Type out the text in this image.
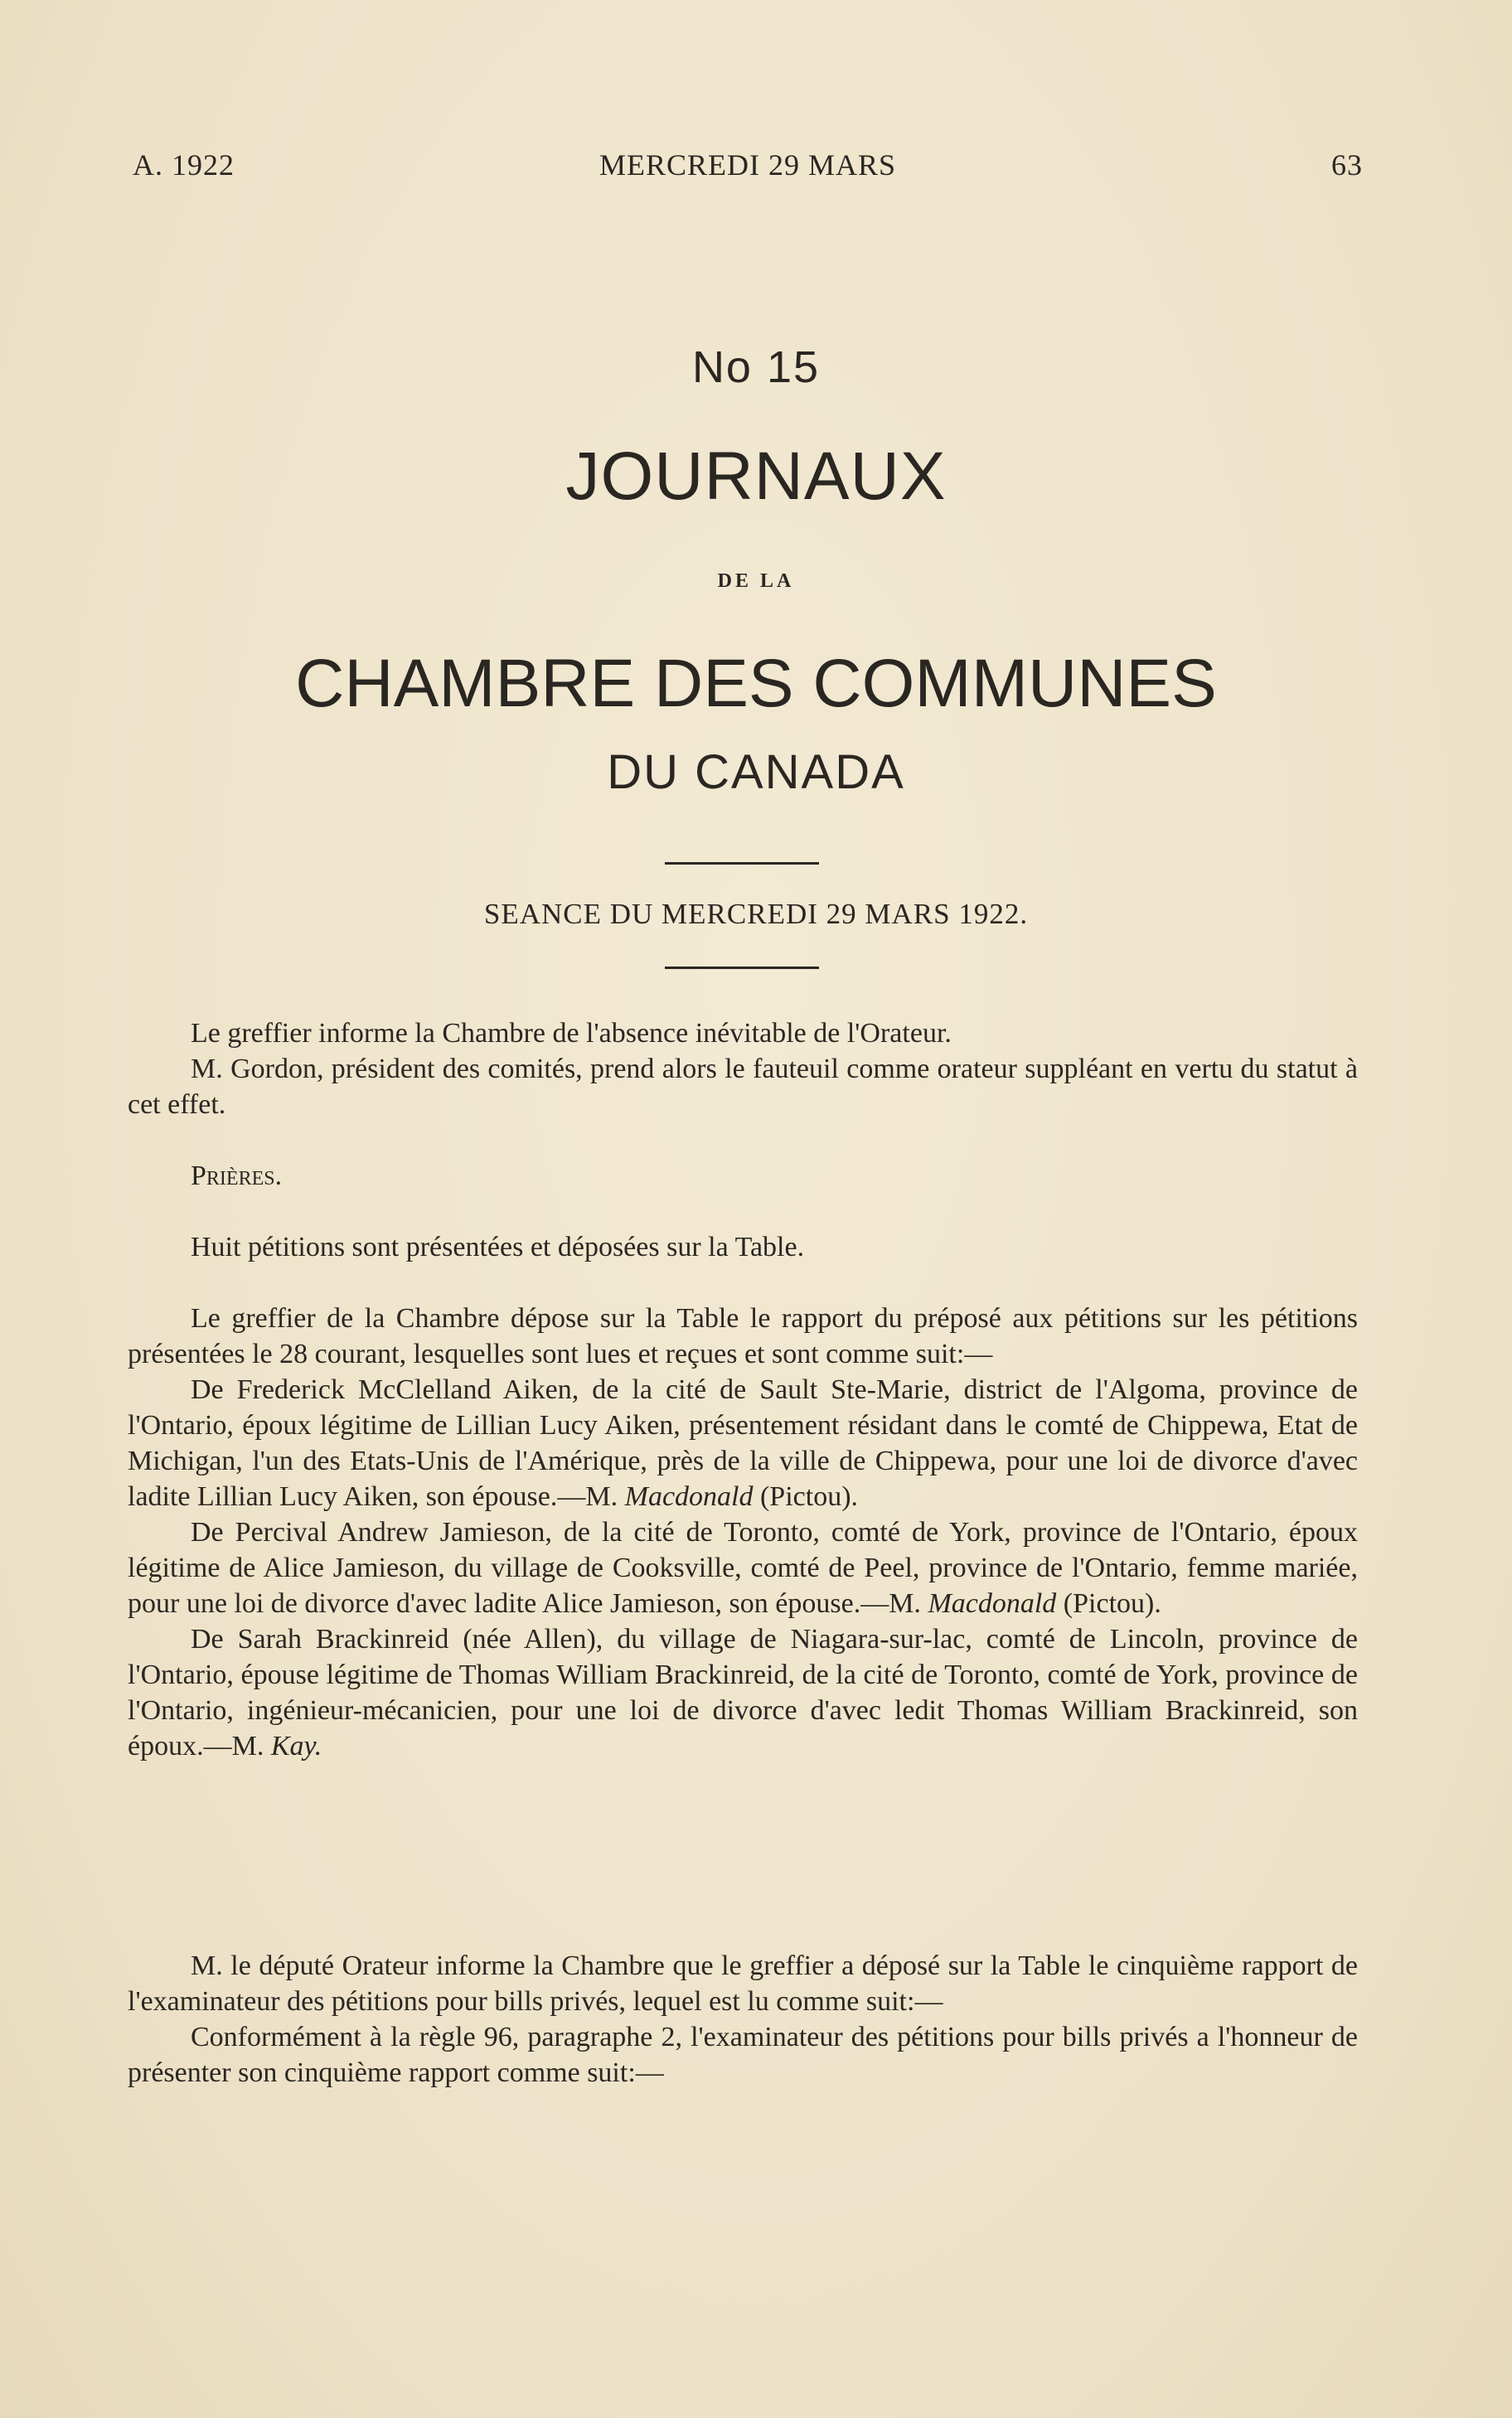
A. 1922	MERCREDI 29 MARS	63
No 15
JOURNAUX
DE LA
CHAMBRE DES COMMUNES
DU CANADA
SEANCE DU MERCREDI 29 MARS 1922.

Le greffier informe la Chambre de l'absence inévitable de l'Orateur.

M. Gordon, président des comités, prend alors le fauteuil comme orateur suppléant en vertu du statut à cet effet.

Prières.

Huit pétitions sont présentées et déposées sur la Table.

Le greffier de la Chambre dépose sur la Table le rapport du préposé aux pétitions sur les pétitions présentées le 28 courant, lesquelles sont lues et reçues et sont comme suit:—

De Frederick McClelland Aiken, de la cité de Sault Ste-Marie, district de l'Algoma, province de l'Ontario, époux légitime de Lillian Lucy Aiken, présentement résidant dans le comté de Chippewa, Etat de Michigan, l'un des Etats-Unis de l'Amérique, près de la ville de Chippewa, pour une loi de divorce d'avec ladite Lillian Lucy Aiken, son épouse.—M. Macdonald (Pictou).

De Percival Andrew Jamieson, de la cité de Toronto, comté de York, province de l'Ontario, époux légitime de Alice Jamieson, du village de Cooksville, comté de Peel, province de l'Ontario, femme mariée, pour une loi de divorce d'avec ladite Alice Jamieson, son épouse.—M. Macdonald (Pictou).

De Sarah Brackinreid (née Allen), du village de Niagara-sur-lac, comté de Lincoln, province de l'Ontario, épouse légitime de Thomas William Brackinreid, de la cité de Toronto, comté de York, province de l'Ontario, ingénieur-mécanicien, pour une loi de divorce d'avec ledit Thomas William Brackinreid, son époux.—M. Kay.

M. le député Orateur informe la Chambre que le greffier a déposé sur la Table le cinquième rapport de l'examinateur des pétitions pour bills privés, lequel est lu comme suit:—

Conformément à la règle 96, paragraphe 2, l'examinateur des pétitions pour bills privés a l'honneur de présenter son cinquième rapport comme suit:—
